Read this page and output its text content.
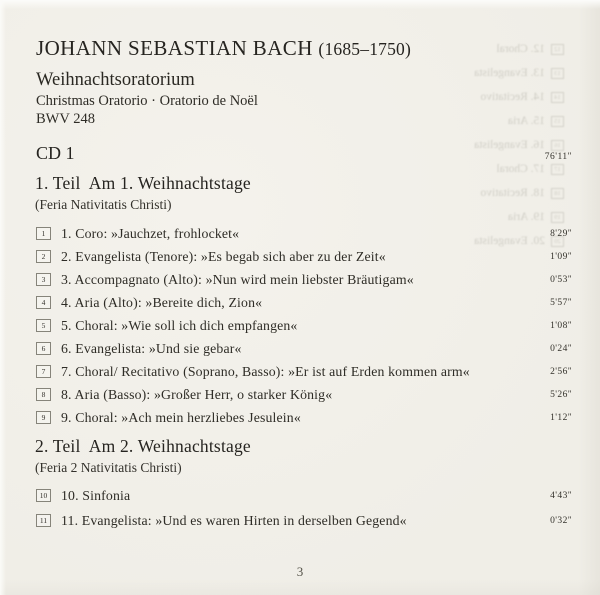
12
12. Choral
13
13. Evangelista
14
14. Recitativo
15
15. Aria
16
16. Evangelista
17
17. Choral
18
18. Recitativo
19
19. Aria
20
20. Evangelista
JOHANN SEBASTIAN BACH (1685–1750)
Weihnachtsoratorium
Christmas Oratorio · Oratorio de Noël
BWV 248
CD 1	76'11"
1. Teil  Am 1. Weihnachtstage
(Feria Nativitatis Christi)
1	1. Coro: »Jauchzet, frohlocket«	8'29"
2	2. Evangelista (Tenore): »Es begab sich aber zu der Zeit«	1'09"
3	3. Accompagnato (Alto): »Nun wird mein liebster Bräutigam«	0'53"
4	4. Aria (Alto): »Bereite dich, Zion«	5'57"
5	5. Choral: »Wie soll ich dich empfangen«	1'08"
6	6. Evangelista: »Und sie gebar«	0'24"
7	7. Choral/ Recitativo (Soprano, Basso): »Er ist auf Erden kommen arm«	2'56"
8	8. Aria (Basso): »Großer Herr, o starker König«	5'26"
9	9. Choral: »Ach mein herzliebes Jesulein«	1'12"
2. Teil  Am 2. Weihnachtstage
(Feria 2 Nativitatis Christi)
10 10. Sinfonia	4'43"
11 11. Evangelista: »Und es waren Hirten in derselben Gegend«	0'32"
3
